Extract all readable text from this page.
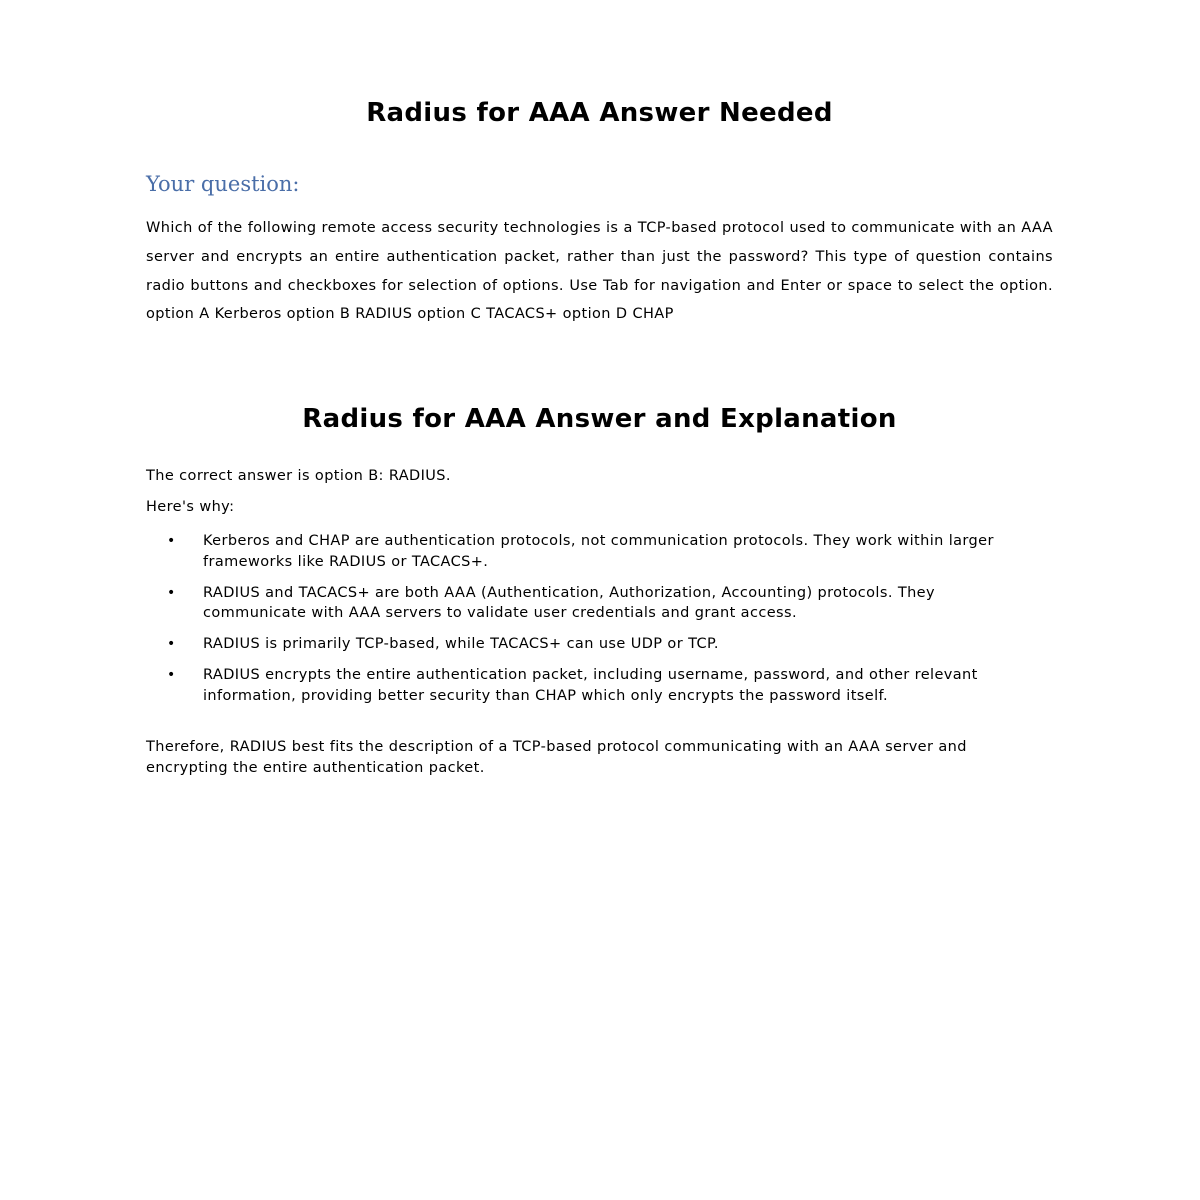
Radius for AAA Answer Needed
Your question:

Which of the following remote access security technologies is a TCP-based protocol used to communicate with an AAA server and encrypts an entire authentication packet, rather than just the password? This type of question contains radio buttons and checkboxes for selection of options. Use Tab for navigation and Enter or space to select the option. option A Kerberos option B RADIUS option C TACACS+ option D CHAP

Radius for AAA Answer and Explanation

The correct answer is option B: RADIUS.

Here's why:

• Kerberos and CHAP are authentication protocols, not communication protocols. They work within larger frameworks like RADIUS or TACACS+.
• RADIUS and TACACS+ are both AAA (Authentication, Authorization, Accounting) protocols. They communicate with AAA servers to validate user credentials and grant access.
• RADIUS is primarily TCP-based, while TACACS+ can use UDP or TCP.
• RADIUS encrypts the entire authentication packet, including username, password, and other relevant information, providing better security than CHAP which only encrypts the password itself.

Therefore, RADIUS best fits the description of a TCP-based protocol communicating with an AAA server and encrypting the entire authentication packet.
